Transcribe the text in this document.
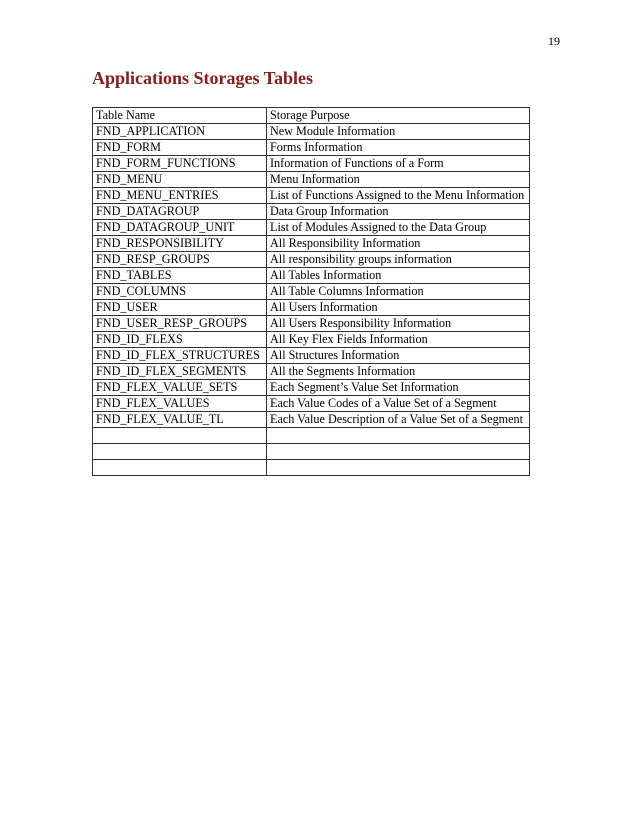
19
Applications Storages Tables
Table Name	Storage Purpose
FND_APPLICATION	New Module Information
FND_FORM	Forms Information
FND_FORM_FUNCTIONS	Information of Functions of a Form
FND_MENU	Menu Information
FND_MENU_ENTRIES	List of Functions Assigned to the Menu Information
FND_DATAGROUP	Data Group Information
FND_DATAGROUP_UNIT	List of Modules Assigned to the Data Group
FND_RESPONSIBILITY	All Responsibility Information
FND_RESP_GROUPS	All responsibility groups information
FND_TABLES	All Tables Information
FND_COLUMNS	All Table Columns Information
FND_USER	All Users Information
FND_USER_RESP_GROUPS	All Users Responsibility Information
FND_ID_FLEXS	All Key Flex Fields Information
FND_ID_FLEX_STRUCTURES	All Structures Information
FND_ID_FLEX_SEGMENTS	All the Segments Information
FND_FLEX_VALUE_SETS	Each Segment’s Value Set Information
FND_FLEX_VALUES	Each Value Codes of a Value Set of a Segment
FND_FLEX_VALUE_TL	Each Value Description of a Value Set of a Segment
